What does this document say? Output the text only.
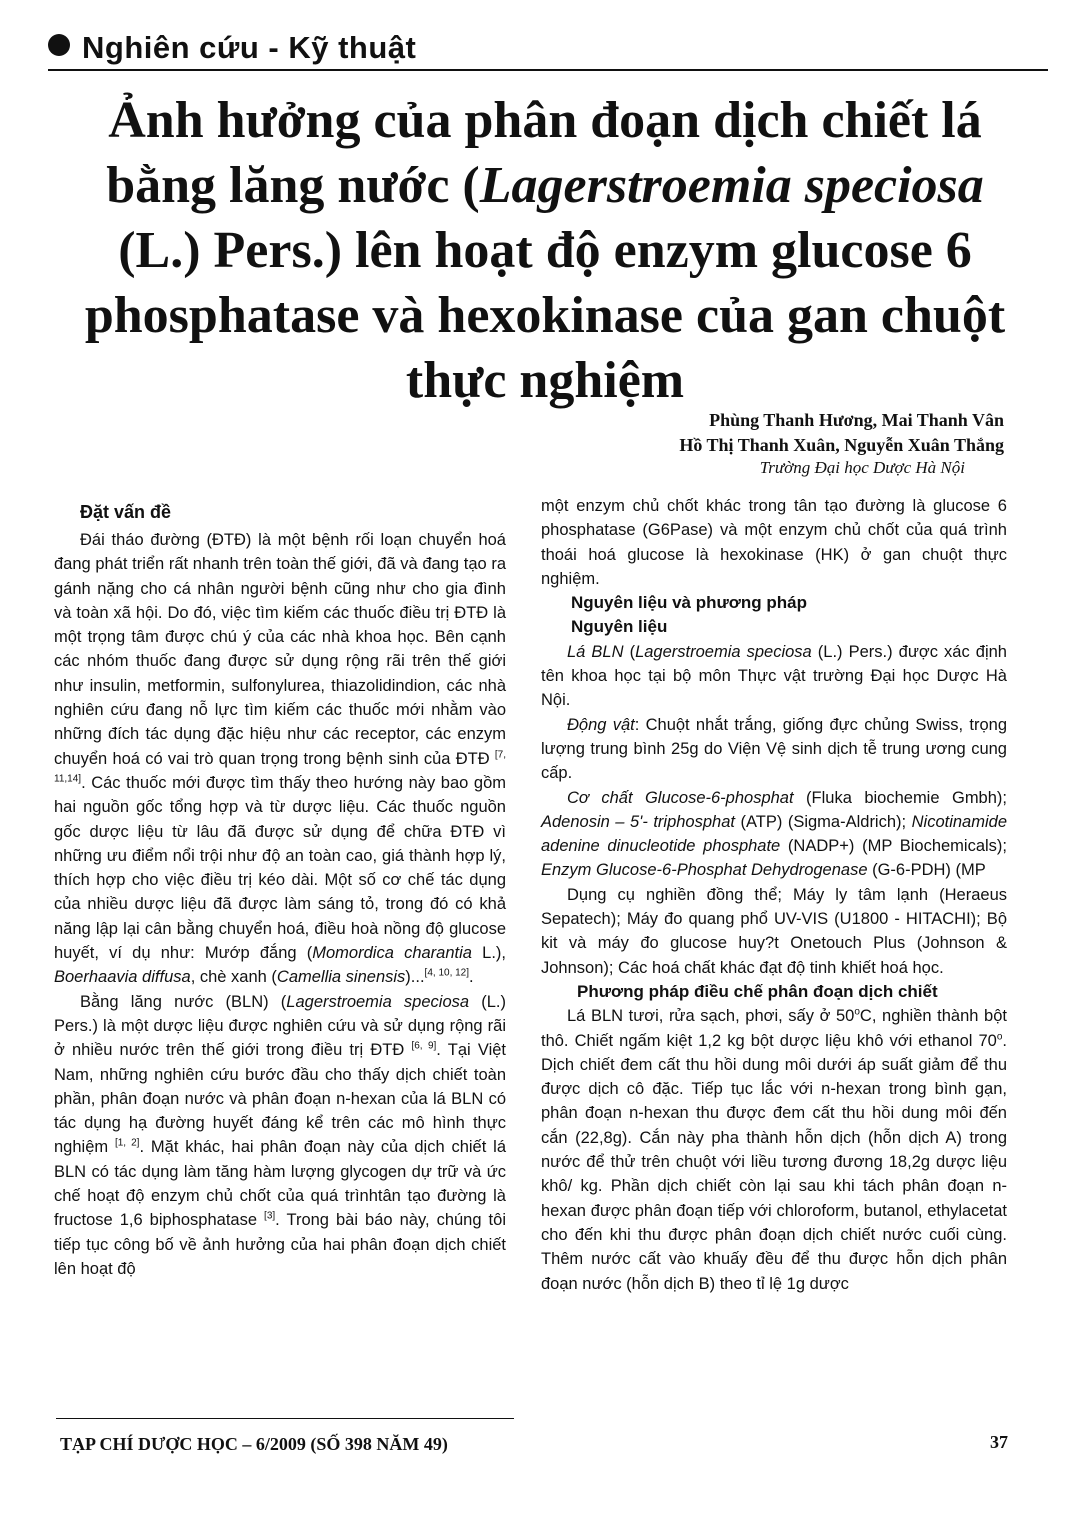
Nghiên cứu - Kỹ thuật
Ảnh hưởng của phân đoạn dịch chiết lá
bằng lăng nước (Lagerstroemia speciosa
(L.) Pers.) lên hoạt độ enzym glucose 6
phosphatase và hexokinase của gan chuột
thực nghiệm
Phùng Thanh Hương, Mai Thanh Vân
Hồ Thị Thanh Xuân, Nguyễn Xuân Thắng
Trường Đại học Dược Hà Nội
Đặt vấn đề

Đái tháo đường (ĐTĐ) là một bệnh rối loạn chuyển hoá đang phát triển rất nhanh trên toàn thế giới, đã và đang tạo ra gánh nặng cho cá nhân người bệnh cũng như cho gia đình và toàn xã hội. Do đó, việc tìm kiếm các thuốc điều trị ĐTĐ là một trọng tâm được chú ý của các nhà khoa học. Bên cạnh các nhóm thuốc đang được sử dụng rộng rãi trên thế giới như insulin, metformin, sulfonylurea, thiazolidindion, các nhà nghiên cứu đang nỗ lực tìm kiếm các thuốc mới nhằm vào những đích tác dụng đặc hiệu như các receptor, các enzym chuyển hoá có vai trò quan trọng trong bệnh sinh của ĐTĐ [7, 11,14]. Các thuốc mới được tìm thấy theo hướng này bao gồm hai nguồn gốc tổng hợp và từ dược liệu. Các thuốc nguồn gốc dược liệu từ lâu đã được sử dụng để chữa ĐTĐ vì những ưu điểm nổi trội như độ an toàn cao, giá thành hợp lý, thích hợp cho việc điều trị kéo dài. Một số cơ chế tác dụng của nhiều dược liệu đã được làm sáng tỏ, trong đó có khả năng lập lại cân bằng chuyển hoá, điều hoà nồng độ glucose huyết, ví dụ như: Mướp đắng (Momordica charantia L.), Boerhaavia diffusa, chè xanh (Camellia sinensis)...[4, 10, 12].

Bằng lăng nước (BLN) (Lagerstroemia speciosa (L.) Pers.) là một dược liệu được nghiên cứu và sử dụng rộng rãi ở nhiều nước trên thế giới trong điều trị ĐTĐ [6, 9]. Tại Việt Nam, những nghiên cứu bước đầu cho thấy dịch chiết toàn phần, phân đoạn nước và phân đoạn n-hexan của lá BLN có tác dụng hạ đường huyết đáng kể trên các mô hình thực nghiệm [1, 2]. Mặt khác, hai phân đoạn này của dịch chiết lá BLN có tác dụng làm tăng hàm lượng glycogen dự trữ và ức chế hoạt độ enzym chủ chốt của quá trìnhtân tạo đường là fructose 1,6 biphosphatase [3]. Trong bài báo này, chúng tôi tiếp tục công bố về ảnh hưởng của hai phân đoạn dịch chiết lên hoạt độ

một enzym chủ chốt khác trong tân tạo đường là glucose 6 phosphatase (G6Pase) và một enzym chủ chốt của quá trình thoái hoá glucose là hexokinase (HK) ở gan chuột thực nghiệm.

Nguyên liệu và phương pháp
Nguyên liệu

Lá BLN (Lagerstroemia speciosa (L.) Pers.) được xác định tên khoa học tại bộ môn Thực vật trường Đại học Dược Hà Nội.

Động vật: Chuột nhắt trắng, giống đực chủng Swiss, trọng lượng trung bình 25g do Viện Vệ sinh dịch tễ trung ương cung cấp.

Cơ chất Glucose-6-phosphat (Fluka biochemie Gmbh); Adenosin – 5'- triphosphat (ATP) (Sigma-Aldrich); Nicotinamide adenine dinucleotide phosphate (NADP+) (MP Biochemicals); Enzym Glucose-6-Phosphat Dehydrogenase (G-6-PDH) (MP

Dụng cụ nghiền đồng thể; Máy ly tâm lạnh (Heraeus Sepatech); Máy đo quang phổ UV-VIS (U1800 - HITACHI); Bộ kit và máy đo glucose huy?t Onetouch Plus (Johnson & Johnson); Các hoá chất khác đạt độ tinh khiết hoá học.

Phương pháp điều chế phân đoạn dịch chiết

Lá BLN tươi, rửa sạch, phơi, sấy ở 50$^o$C, nghiền thành bột thô. Chiết ngấm kiệt 1,2 kg bột dược liệu khô với ethanol 70$^o$. Dịch chiết đem cất thu hồi dung môi dưới áp suất giảm để thu được dịch cô đặc. Tiếp tục lắc với n-hexan trong bình gạn, phân đoạn n-hexan thu được đem cất thu hồi dung môi đến cắn (22,8g). Cắn này pha thành hỗn dịch (hỗn dịch A) trong nước để thử trên chuột với liều tương đương 18,2g dược liệu khô/ kg. Phần dịch chiết còn lại sau khi tách phân đoạn n-hexan được phân đoạn tiếp với chloroform, butanol, ethylacetat cho đến khi thu được phân đoạn dịch chiết nước cuối cùng. Thêm nước cất vào khuấy đều để thu được hỗn dịch phân đoạn nước (hỗn dịch B) theo tỉ lệ 1g dược

TẠP CHÍ DƯỢC HỌC – 6/2009 (SỐ 398 NĂM 49)	37
